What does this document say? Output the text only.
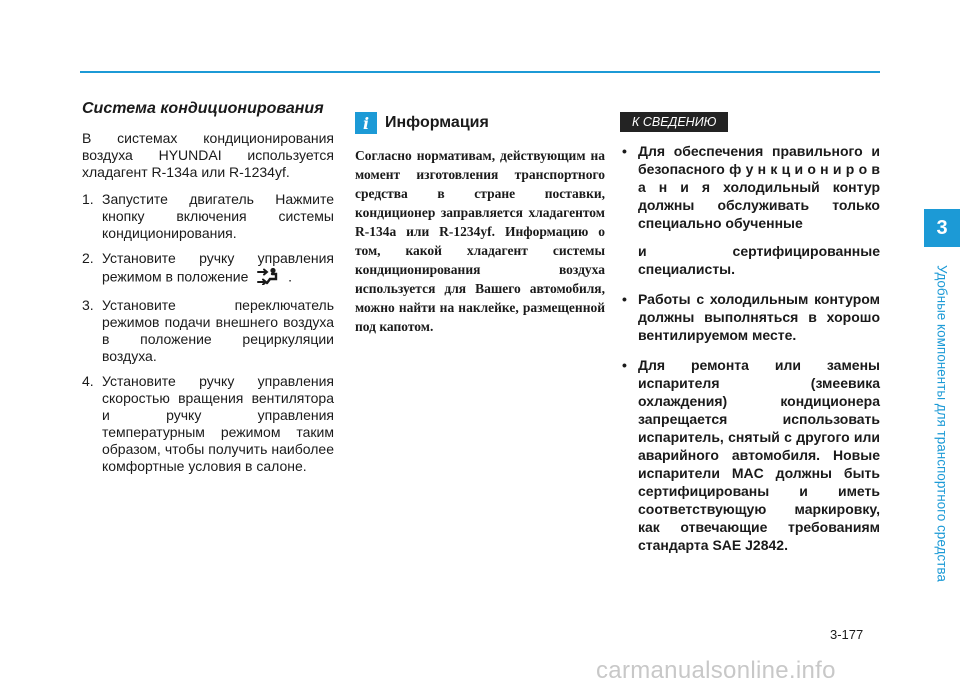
3
Удобные компоненты для транспортного средства
Система кондиционирования

В системах кондиционирования воздуха HYUNDAI используется хладагент R-134a или R-1234yf.

1. Запустите двигатель Нажмите кнопку включения системы кондиционирования.
2. Установите ручку управления режимом в положение	.
3. Установите переключатель режимов подачи внешнего воздуха в положение рециркуляции воздуха.
4. Установите ручку управления скоростью вращения вентилятора и ручку управления температурным режимом таким образом, чтобы получить наиболее комфортные условия в салоне.
i Информация

Согласно нормативам, действующим на момент изготовления транспортного средства в стране поставки, кондиционер заправляется хладагентом R-134a или R-1234yf. Информацию о том, какой хладагент системы кондиционирования воздуха используется для Вашего автомобиля, можно найти на наклейке, размещенной под капотом.

К СВЕДЕНИЮ
• Для обеспечения правильного и безопасного ф у н к ц и о н и р о в а н и я холодильный контур должны обслуживать только специально обученные
и сертифицированные специалисты.
• Работы с холодильным контуром должны выполняться в хорошо вентилируемом месте.
• Для ремонта или замены испарителя (змеевика охлаждения) кондиционера запрещается использовать испаритель, снятый с другого или аварийного автомобиля. Новые испарители MAC должны быть сертифицированы и иметь соответствующую маркировку, как отвечающие требованиям стандарта SAE J2842.
3-177
carmanualsonline.info
